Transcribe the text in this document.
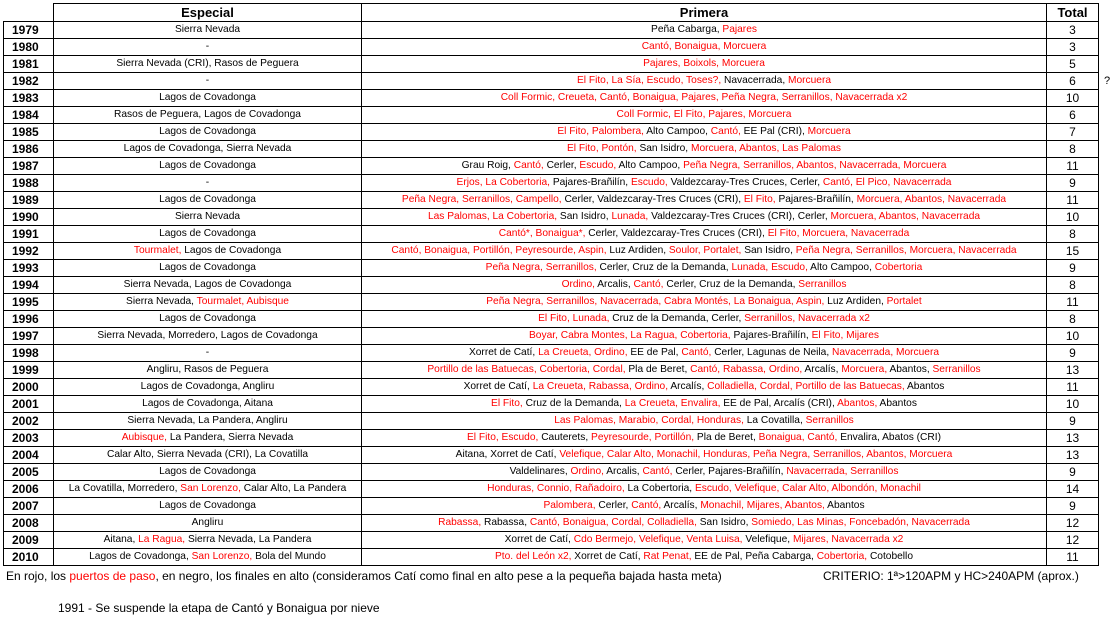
	Especial	Primera	Total
1979	Sierra Nevada	Peña Cabarga, Pajares	3
1980	-	Cantó, Bonaigua, Morcuera	3
1981	Sierra Nevada (CRI), Rasos de Peguera	Pajares, Boixols, Morcuera	5
1982	-	El Fito, La Sía, Escudo, Toses?, Navacerrada, Morcuera	6
1983	Lagos de Covadonga	Coll Formic, Creueta, Cantó, Bonaigua, Pajares, Peña Negra, Serranillos, Navacerrada x2	10
1984	Rasos de Peguera, Lagos de Covadonga	Coll Formic, El Fito, Pajares, Morcuera	6
1985	Lagos de Covadonga	El Fito, Palombera, Alto Campoo, Cantó, EE Pal (CRI), Morcuera	7
1986	Lagos de Covadonga, Sierra Nevada	El Fito, Pontón, San Isidro, Morcuera, Abantos, Las Palomas	8
1987	Lagos de Covadonga	Grau Roig, Cantó, Cerler, Escudo, Alto Campoo, Peña Negra, Serranillos, Abantos, Navacerrada, Morcuera	11
1988	-	Erjos, La Cobertoria, Pajares-Brañilín, Escudo, Valdezcaray-Tres Cruces, Cerler, Cantó, El Pico, Navacerrada	9
1989	Lagos de Covadonga	Peña Negra, Serranillos, Campello, Cerler, Valdezcaray-Tres Cruces (CRI), El Fito, Pajares-Brañilín, Morcuera, Abantos, Navacerrada	11
1990	Sierra Nevada	Las Palomas, La Cobertoria, San Isidro, Lunada, Valdezcaray-Tres Cruces (CRI), Cerler, Morcuera, Abantos, Navacerrada	10
1991	Lagos de Covadonga	Cantó*, Bonaigua*, Cerler, Valdezcaray-Tres Cruces (CRI), El Fito, Morcuera, Navacerrada	8
1992	Tourmalet, Lagos de Covadonga	Cantó, Bonaigua, Portillón, Peyresourde, Aspin, Luz Ardiden, Soulor, Portalet, San Isidro, Peña Negra, Serranillos, Morcuera, Navacerrada	15
1993	Lagos de Covadonga	Peña Negra, Serranillos, Cerler, Cruz de la Demanda, Lunada, Escudo, Alto Campoo, Cobertoria	9
1994	Sierra Nevada, Lagos de Covadonga	Ordino, Arcalis, Cantó, Cerler, Cruz de la Demanda, Serranillos	8
1995	Sierra Nevada, Tourmalet, Aubisque	Peña Negra, Serranillos, Navacerrada, Cabra Montés, La Bonaigua, Aspin, Luz Ardiden, Portalet	11
1996	Lagos de Covadonga	El Fito, Lunada, Cruz de la Demanda, Cerler, Serranillos, Navacerrada x2	8
1997	Sierra Nevada, Morredero, Lagos de Covadonga	Boyar, Cabra Montes, La Ragua, Cobertoria, Pajares-Brañilín, El Fito, Mijares	10
1998	-	Xorret de Catí, La Creueta, Ordino, EE de Pal, Cantó, Cerler, Lagunas de Neila, Navacerrada, Morcuera	9
1999	Angliru, Rasos de Peguera	Portillo de las Batuecas, Cobertoria, Cordal, Pla de Beret, Cantó, Rabassa, Ordino, Arcalís, Morcuera, Abantos, Serranillos	13
2000	Lagos de Covadonga, Angliru	Xorret de Catí, La Creueta, Rabassa, Ordino, Arcalís, Colladiella, Cordal, Portillo de las Batuecas, Abantos	11
2001	Lagos de Covadonga, Aitana	El Fito, Cruz de la Demanda, La Creueta, Envalira, EE de Pal, Arcalís (CRI), Abantos, Abantos	10
2002	Sierra Nevada, La Pandera, Angliru	Las Palomas, Marabio, Cordal, Honduras, La Covatilla, Serranillos	9
2003	Aubisque, La Pandera, Sierra Nevada	El Fito, Escudo, Cauterets, Peyresourde, Portillón, Pla de Beret, Bonaigua, Cantó, Envalira, Abatos (CRI)	13
2004	Calar Alto, Sierra Nevada (CRI), La Covatilla	Aitana, Xorret de Catí, Velefique, Calar Alto, Monachil, Honduras, Peña Negra, Serranillos, Abantos, Morcuera	13
2005	Lagos de Covadonga	Valdelinares, Ordino, Arcalis, Cantó, Cerler, Pajares-Brañilín, Navacerrada, Serranillos	9
2006	La Covatilla, Morredero, San Lorenzo, Calar Alto, La Pandera	Honduras, Connio, Rañadoiro, La Cobertoria, Escudo, Velefique, Calar Alto, Albondón, Monachil	14
2007	Lagos de Covadonga	Palombera, Cerler, Cantó, Arcalís, Monachil, Mijares, Abantos, Abantos	9
2008	Angliru	Rabassa, Rabassa, Cantó, Bonaigua, Cordal, Colladiella, San Isidro, Somiedo, Las Minas, Foncebadón, Navacerrada	12
2009	Aitana, La Ragua, Sierra Nevada, La Pandera	Xorret de Catí, Cdo Bermejo, Velefique, Venta Luisa, Velefique, Mijares, Navacerrada x2	12
2010	Lagos de Covadonga, San Lorenzo, Bola del Mundo	Pto. del León x2, Xorret de Catí, Rat Penat, EE de Pal, Peña Cabarga, Cobertoria, Cotobello	11
?
En rojo, los puertos de paso, en negro, los finales en alto (consideramos Catí como final en alto pese a la pequeña bajada hasta meta)	CRITERIO: 1ª>120APM y HC>240APM (aprox.)
1991 - Se suspende la etapa de Cantó y Bonaigua por nieve
